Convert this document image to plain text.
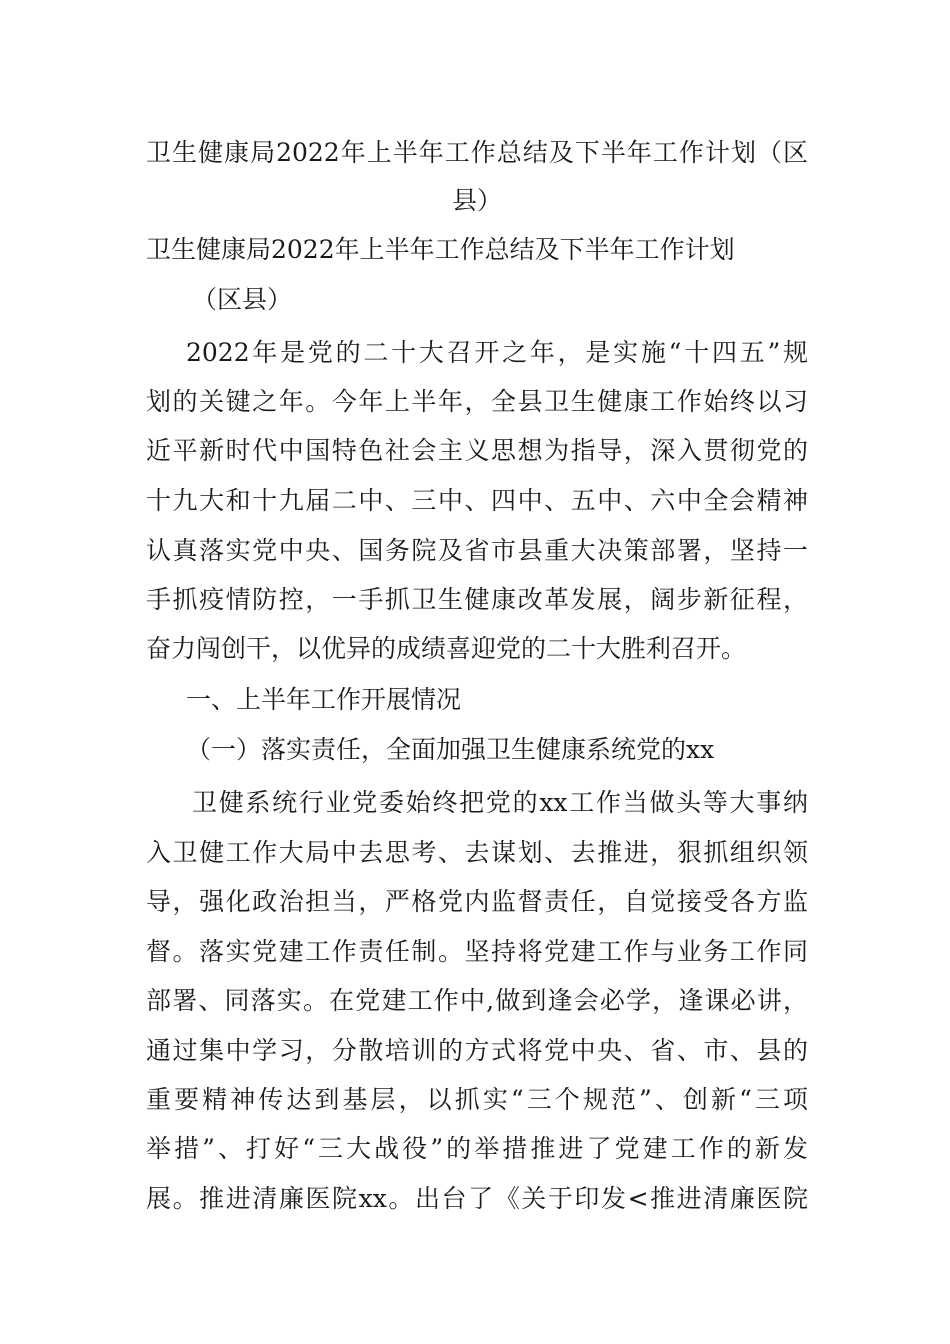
卫生健康局2022年上半年工作总结及下半年工作计划（区
县）
卫生健康局2022年上半年工作总结及下半年工作计划
（区县）
2022年是党的二十大召开之年，是实施“十四五”规
划的关键之年。今年上半年，全县卫生健康工作始终以习
近平新时代中国特色社会主义思想为指导，深入贯彻党的
十九大和十九届二中、三中、四中、五中、六中全会精神
认真落实党中央、国务院及省市县重大决策部署，坚持一
手抓疫情防控，一手抓卫生健康改革发展，阔步新征程，
奋力闯创干，以优异的成绩喜迎党的二十大胜利召开。
一、上半年工作开展情况
（一）落实责任，全面加强卫生健康系统党的xx
卫健系统行业党委始终把党的xx工作当做头等大事纳
入卫健工作大局中去思考、去谋划、去推进，狠抓组织领
导，强化政治担当，严格党内监督责任，自觉接受各方监
督。落实党建工作责任制。坚持将党建工作与业务工作同
部署、同落实。在党建工作中,做到逢会必学，逢课必讲，
通过集中学习，分散培训的方式将党中央、省、市、县的
重要精神传达到基层，以抓实“三个规范”、创新“三项
举措”、打好“三大战役”的举措推进了党建工作的新发
展。推进清廉医院xx。出台了《关于印发<推进清廉医院
